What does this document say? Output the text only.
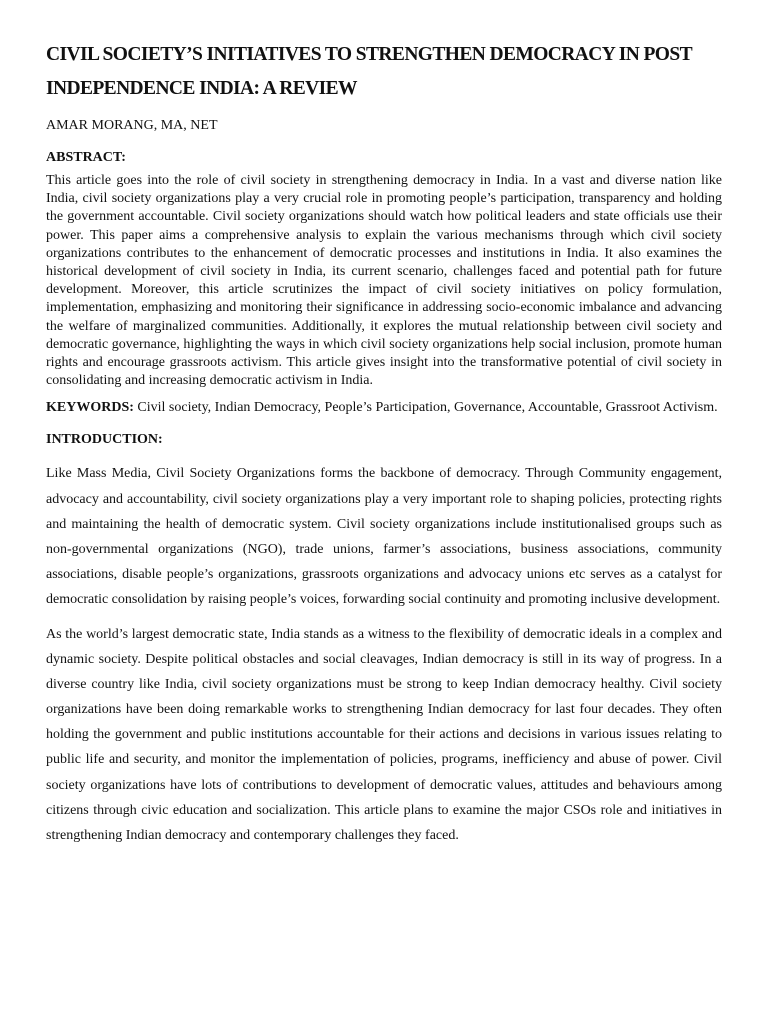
CIVIL SOCIETY’S INITIATIVES TO STRENGTHEN DEMOCRACY IN POST
INDEPENDENCE INDIA: A REVIEW
AMAR MORANG, MA, NET
ABSTRACT:

This article goes into the role of civil society in strengthening democracy in India. In a vast and diverse nation like India, civil society organizations play a very crucial role in promoting people’s participation, transparency and holding the government accountable. Civil society organizations should watch how political leaders and state officials use their power. This paper aims a comprehensive analysis to explain the various mechanisms through which civil society organizations contributes to the enhancement of democratic processes and institutions in India. It also examines the historical development of civil society in India, its current scenario, challenges faced and potential path for future development. Moreover, this article scrutinizes the impact of civil society initiatives on policy formulation, implementation, emphasizing and monitoring their significance in addressing socio-economic imbalance and advancing the welfare of marginalized communities. Additionally, it explores the mutual relationship between civil society and democratic governance, highlighting the ways in which civil society organizations help social inclusion, promote human rights and encourage grassroots activism. This article gives insight into the transformative potential of civil society in consolidating and increasing democratic activism in India.

KEYWORDS: Civil society, Indian Democracy, People’s Participation, Governance, Accountable, Grassroot Activism.

INTRODUCTION:

Like Mass Media, Civil Society Organizations forms the backbone of democracy. Through Community engagement, advocacy and accountability, civil society organizations play a very important role to shaping policies, protecting rights and maintaining the health of democratic system. Civil society organizations include institutionalised groups such as non-governmental organizations (NGO), trade unions, farmer’s associations, business associations, community associations, disable people’s organizations, grassroots organizations and advocacy unions etc serves as a catalyst for democratic consolidation by raising people’s voices, forwarding social continuity and promoting inclusive development.

As the world’s largest democratic state, India stands as a witness to the flexibility of democratic ideals in a complex and dynamic society. Despite political obstacles and social cleavages, Indian democracy is still in its way of progress. In a diverse country like India, civil society organizations must be strong to keep Indian democracy healthy. Civil society organizations have been doing remarkable works to strengthening Indian democracy for last four decades. They often holding the government and public institutions accountable for their actions and decisions in various issues relating to public life and security, and monitor the implementation of policies, programs, inefficiency and abuse of power. Civil society organizations have lots of contributions to development of democratic values, attitudes and behaviours among citizens through civic education and socialization. This article plans to examine the major CSOs role and initiatives in strengthening Indian democracy and contemporary challenges they faced.
